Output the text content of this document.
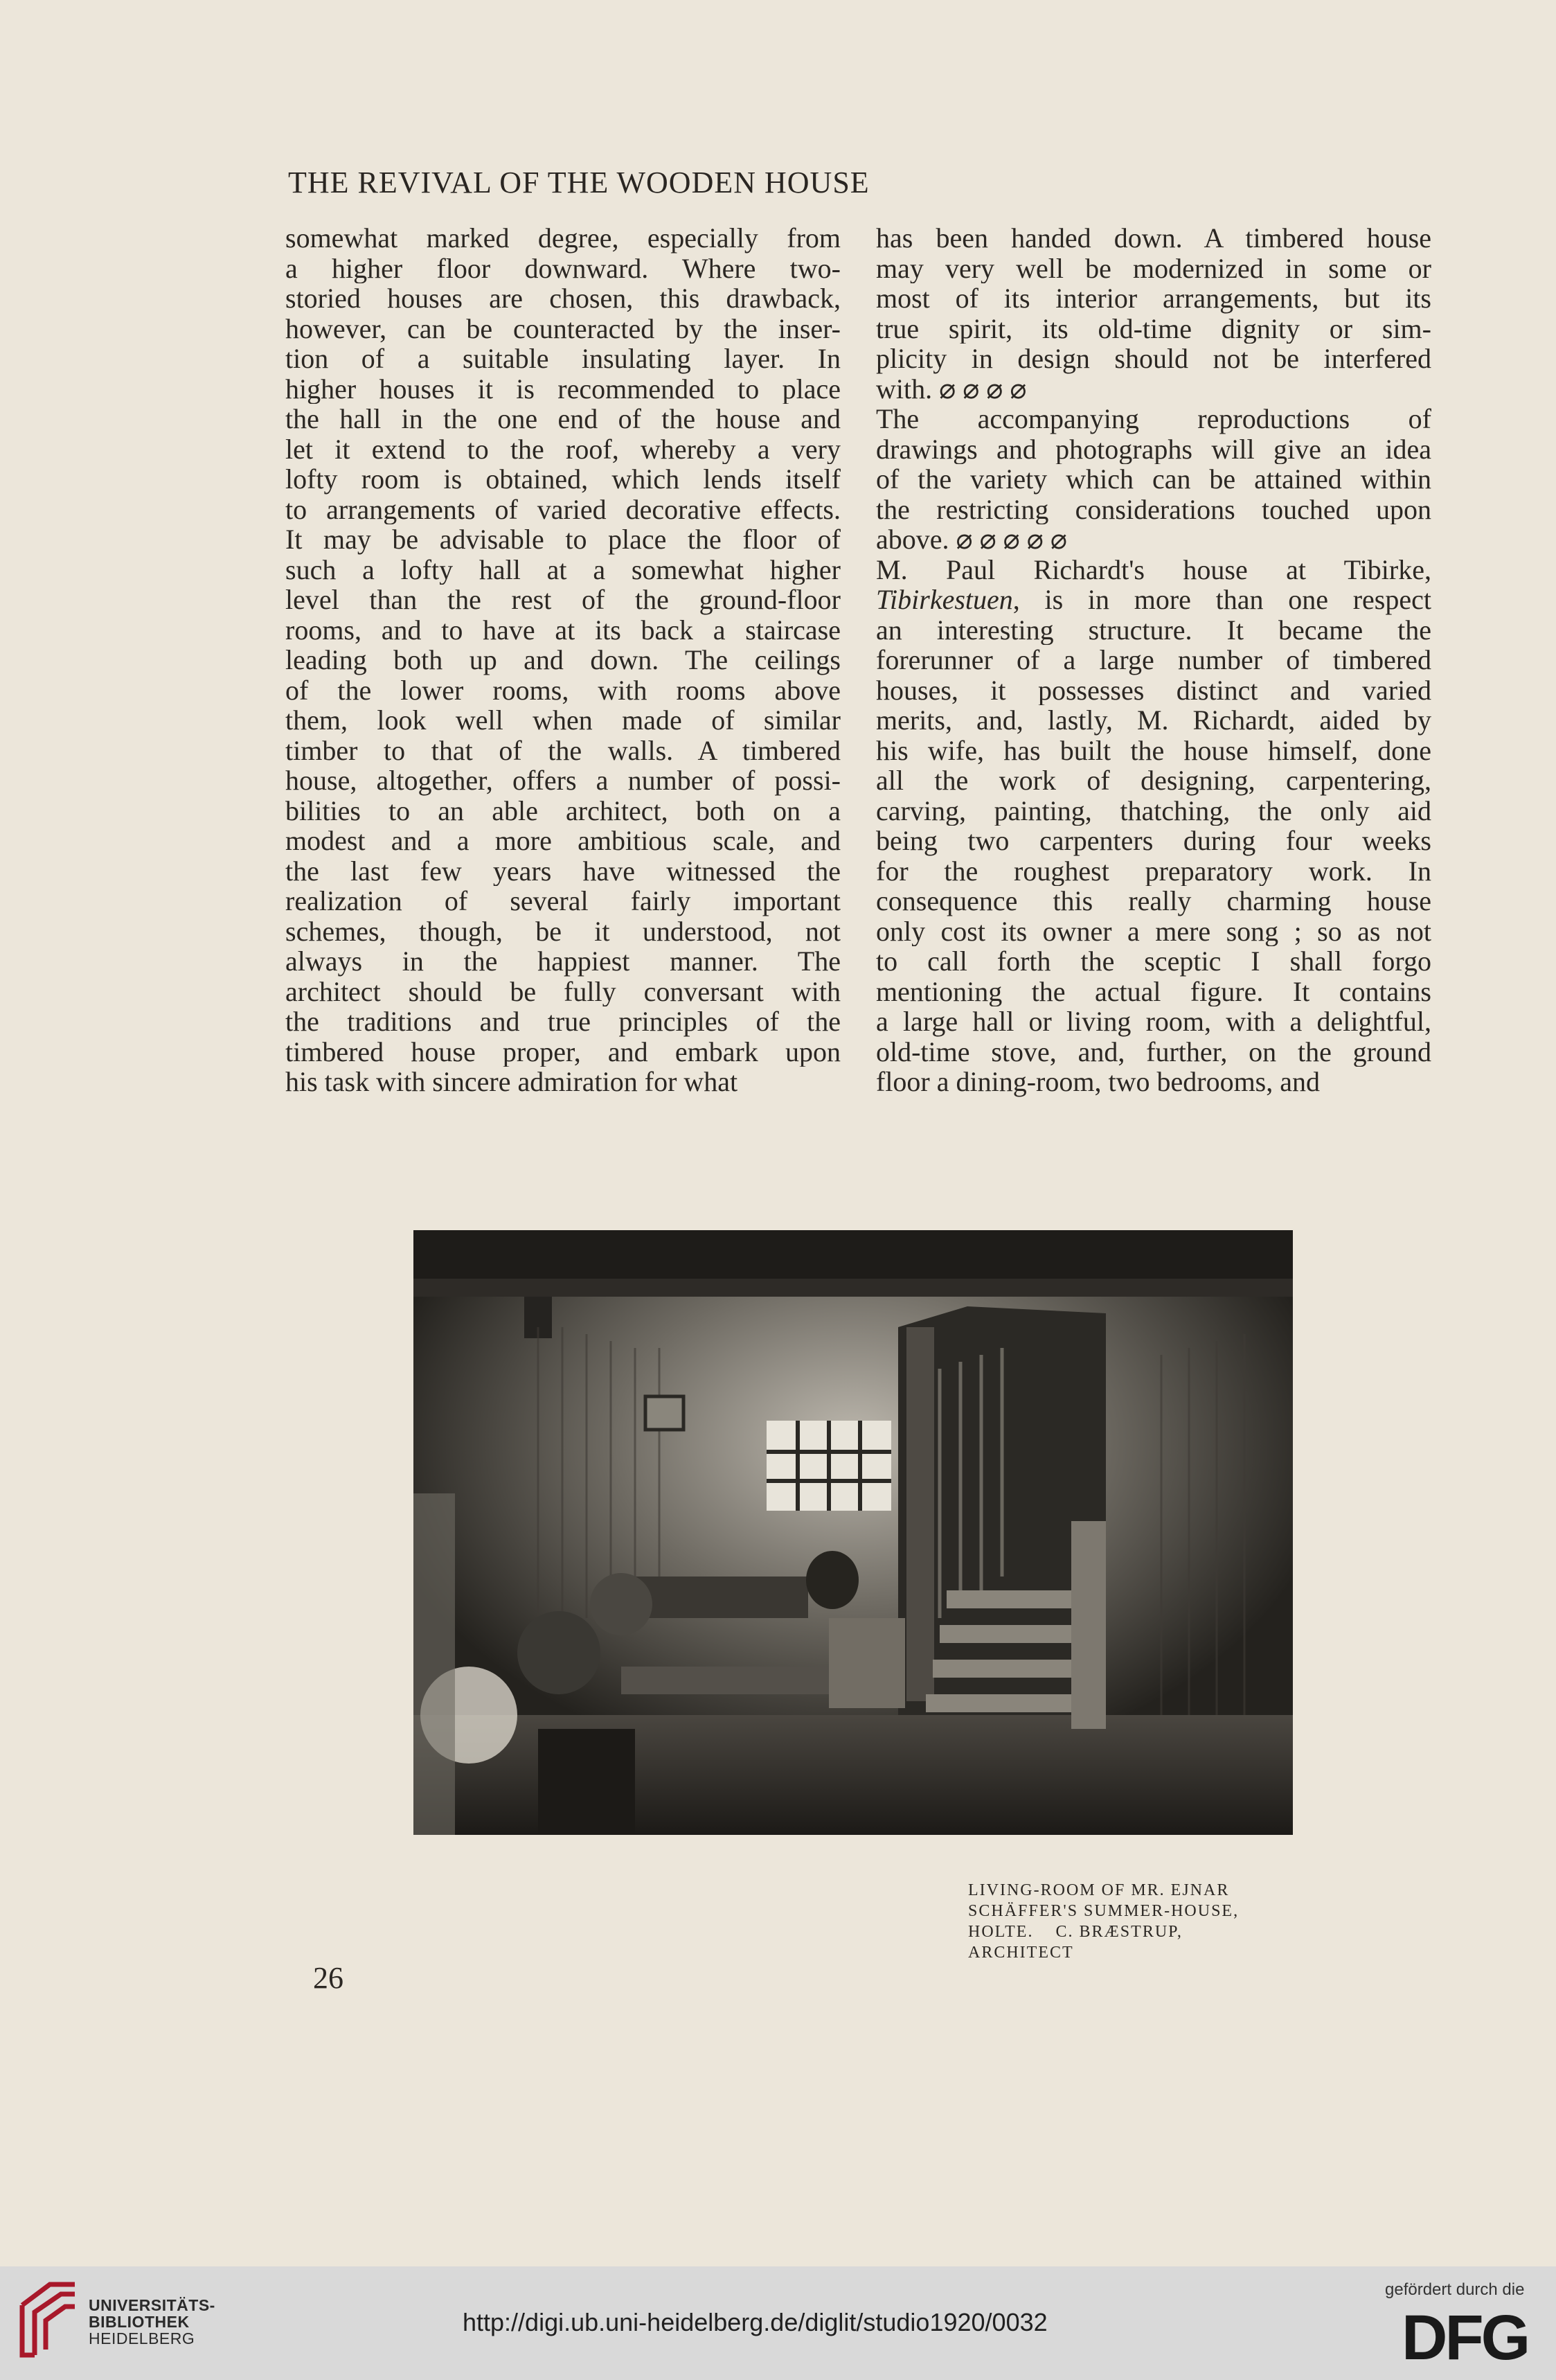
THE REVIVAL OF THE WOODEN HOUSE
somewhat marked degree, especially from
a higher floor downward. Where two-
storied houses are chosen, this drawback,
however, can be counteracted by the inser-
tion of a suitable insulating layer. In
higher houses it is recommended to place
the hall in the one end of the house and
let it extend to the roof, whereby a very
lofty room is obtained, which lends itself
to arrangements of varied decorative effects.
It may be advisable to place the floor of
such a lofty hall at a somewhat higher
level than the rest of the ground-floor
rooms, and to have at its back a staircase
leading both up and down. The ceilings
of the lower rooms, with rooms above
them, look well when made of similar
timber to that of the walls. A timbered
house, altogether, offers a number of possi-
bilities to an able architect, both on a
modest and a more ambitious scale, and
the last few years have witnessed the
realization of several fairly important
schemes, though, be it understood, not
always in the happiest manner. The
architect should be fully conversant with
the traditions and true principles of the
timbered house proper, and embark upon
his task with sincere admiration for what
has been handed down. A timbered house
may very well be modernized in some or
most of its interior arrangements, but its
true spirit, its old-time dignity or sim-
plicity in design should not be interfered
with. ⌀ ⌀ ⌀ ⌀
The accompanying reproductions of
drawings and photographs will give an idea
of the variety which can be attained within
the restricting considerations touched upon
above. ⌀ ⌀ ⌀ ⌀ ⌀
M. Paul Richardt's house at Tibirke,
Tibirkestuen, is in more than one respect
an interesting structure. It became the
forerunner of a large number of timbered
houses, it possesses distinct and varied
merits, and, lastly, M. Richardt, aided by
his wife, has built the house himself, done
all the work of designing, carpentering,
carving, painting, thatching, the only aid
being two carpenters during four weeks
for the roughest preparatory work. In
consequence this really charming house
only cost its owner a mere song ; so as not
to call forth the sceptic I shall forgo
mentioning the actual figure. It contains
a large hall or living room, with a delightful,
old-time stove, and, further, on the ground
floor a dining-room, two bedrooms, and
LIVING-ROOM OF MR. EJNAR
SCHÄFFER'S SUMMER-HOUSE,
HOLTE.    C. BRÆSTRUP,
ARCHITECT
26
UNIVERSITÄTS-
BIBLIOTHEK
HEIDELBERG
http://digi.ub.uni-heidelberg.de/diglit/studio1920/0032
gefördert durch die
DFG
